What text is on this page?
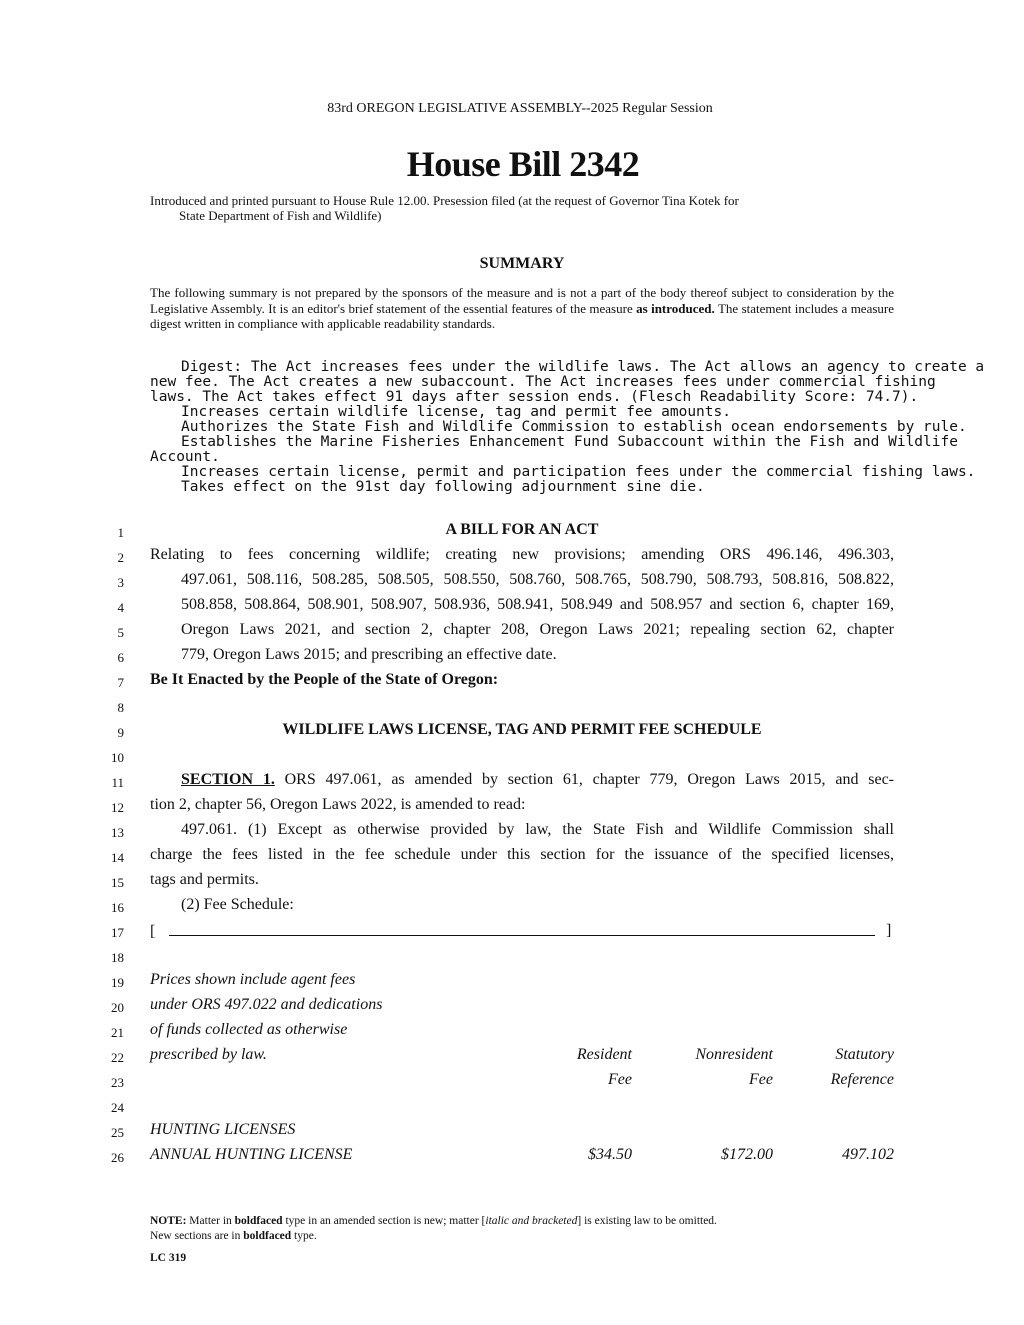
83rd OREGON LEGISLATIVE ASSEMBLY--2025 Regular Session
House Bill 2342
Introduced and printed pursuant to House Rule 12.00. Presession filed (at the request of Governor Tina Kotek for
State Department of Fish and Wildlife)
SUMMARY
The following summary is not prepared by the sponsors of the measure and is not a part of the body thereof subject to consideration by the Legislative Assembly. It is an editor's brief statement of the essential features of the measure as introduced. The statement includes a measure digest written in compliance with applicable readability standards.
Digest: The Act increases fees under the wildlife laws. The Act allows an agency to create a
new fee. The Act creates a new subaccount. The Act increases fees under commercial fishing
laws. The Act takes effect 91 days after session ends. (Flesch Readability Score: 74.7).
Increases certain wildlife license, tag and permit fee amounts.
Authorizes the State Fish and Wildlife Commission to establish ocean endorsements by rule.
Establishes the Marine Fisheries Enhancement Fund Subaccount within the Fish and Wildlife
Account.
Increases certain license, permit and participation fees under the commercial fishing laws.
Takes effect on the 91st day following adjournment sine die.
1
2
3
4
5
6
7
8
9
10
11
12
13
14
15
16
17
18
19
20
21
22
23
24
25
26
A BILL FOR AN ACT
Relating to fees concerning wildlife; creating new provisions; amending ORS 496.146, 496.303,
497.061, 508.116, 508.285, 508.505, 508.550, 508.760, 508.765, 508.790, 508.793, 508.816, 508.822,
508.858, 508.864, 508.901, 508.907, 508.936, 508.941, 508.949 and 508.957 and section 6, chapter 169,
Oregon Laws 2021, and section 2, chapter 208, Oregon Laws 2021; repealing section 62, chapter
779, Oregon Laws 2015; and prescribing an effective date.
Be It Enacted by the People of the State of Oregon:
WILDLIFE LAWS LICENSE, TAG AND PERMIT FEE SCHEDULE
SECTION 1. ORS 497.061, as amended by section 61, chapter 779, Oregon Laws 2015, and sec-
tion 2, chapter 56, Oregon Laws 2022, is amended to read:
497.061. (1) Except as otherwise provided by law, the State Fish and Wildlife Commission shall
charge the fees listed in the fee schedule under this section for the issuance of the specified licenses,
tags and permits.
(2) Fee Schedule:
[	]
Prices shown include agent fees
under ORS 497.022 and dedications
of funds collected as otherwise
prescribed by law.	Resident	Nonresident	Statutory
Fee	Fee	Reference
HUNTING LICENSES
ANNUAL HUNTING LICENSE	$34.50	$172.00	497.102
NOTE: Matter in boldfaced type in an amended section is new; matter [italic and bracketed] is existing law to be omitted.
New sections are in boldfaced type.
LC 319
